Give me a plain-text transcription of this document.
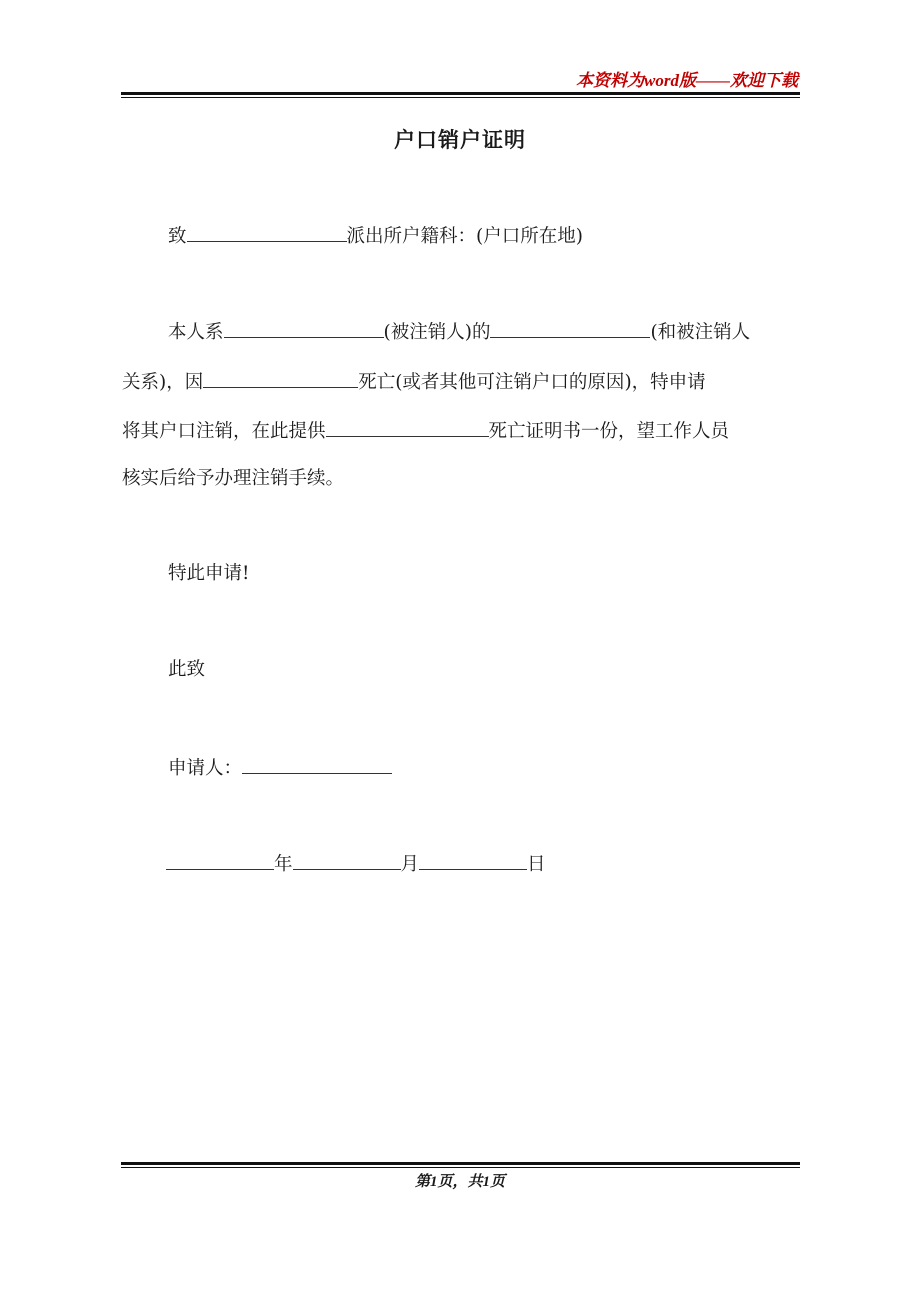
本资料为word版——欢迎下载
户口销户证明
致	派出所户籍科：(户口所在地)
本人系	(被注销人)的	(和被注销人
关系)，因	死亡(或者其他可注销户口的原因)，特申请
将其户口注销，在此提供	死亡证明书一份，望工作人员
核实后给予办理注销手续。
特此申请!
此致
申请人：
年	月	日
第1页，共1页
